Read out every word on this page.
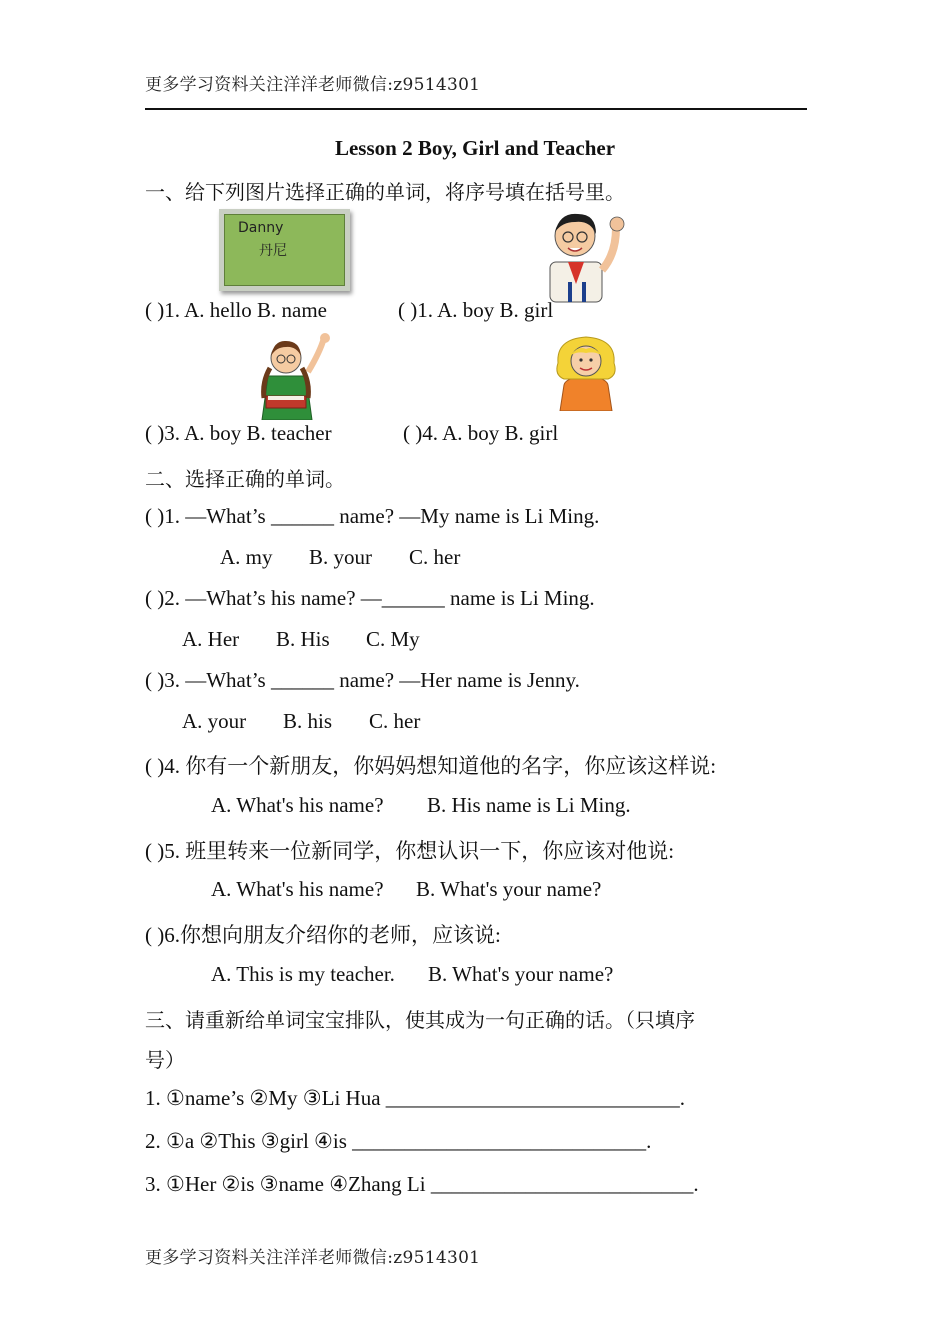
更多学习资料关注洋洋老师微信:z9514301
Lesson 2 Boy, Girl and Teacher
一、给下列图片选择正确的单词，将序号填在括号里。
Danny
丹尼
( )1. A. hello B. name	( )1. A. boy B. girl
( )3. A. boy B. teacher	( )4. A. boy B. girl
二、选择正确的单词。
( )1. —What’s ______ name? —My name is Li Ming.
A. my B. your C. her
( )2. —What’s his name? —______ name is Li Ming.
A. Her B. His C. My
( )3. —What’s ______ name? —Her name is Jenny.
A. your B. his C. her
( )4. 你有一个新朋友，你妈妈想知道他的名字，你应该这样说:
A. What's his name? B. His name is Li Ming.
( )5. 班里转来一位新同学，你想认识一下，你应该对他说:
A. What's his name? B. What's your name?
( )6.你想向朋友介绍你的老师，应该说:
A. This is my teacher. B. What's your name?
三、请重新给单词宝宝排队，使其成为一句正确的话。（只填序
号）
1. ①name’s ②My ③Li Hua ____________________________.
2. ①a ②This ③girl ④is ____________________________.
3. ①Her ②is ③name ④Zhang Li _________________________.
更多学习资料关注洋洋老师微信:z9514301
